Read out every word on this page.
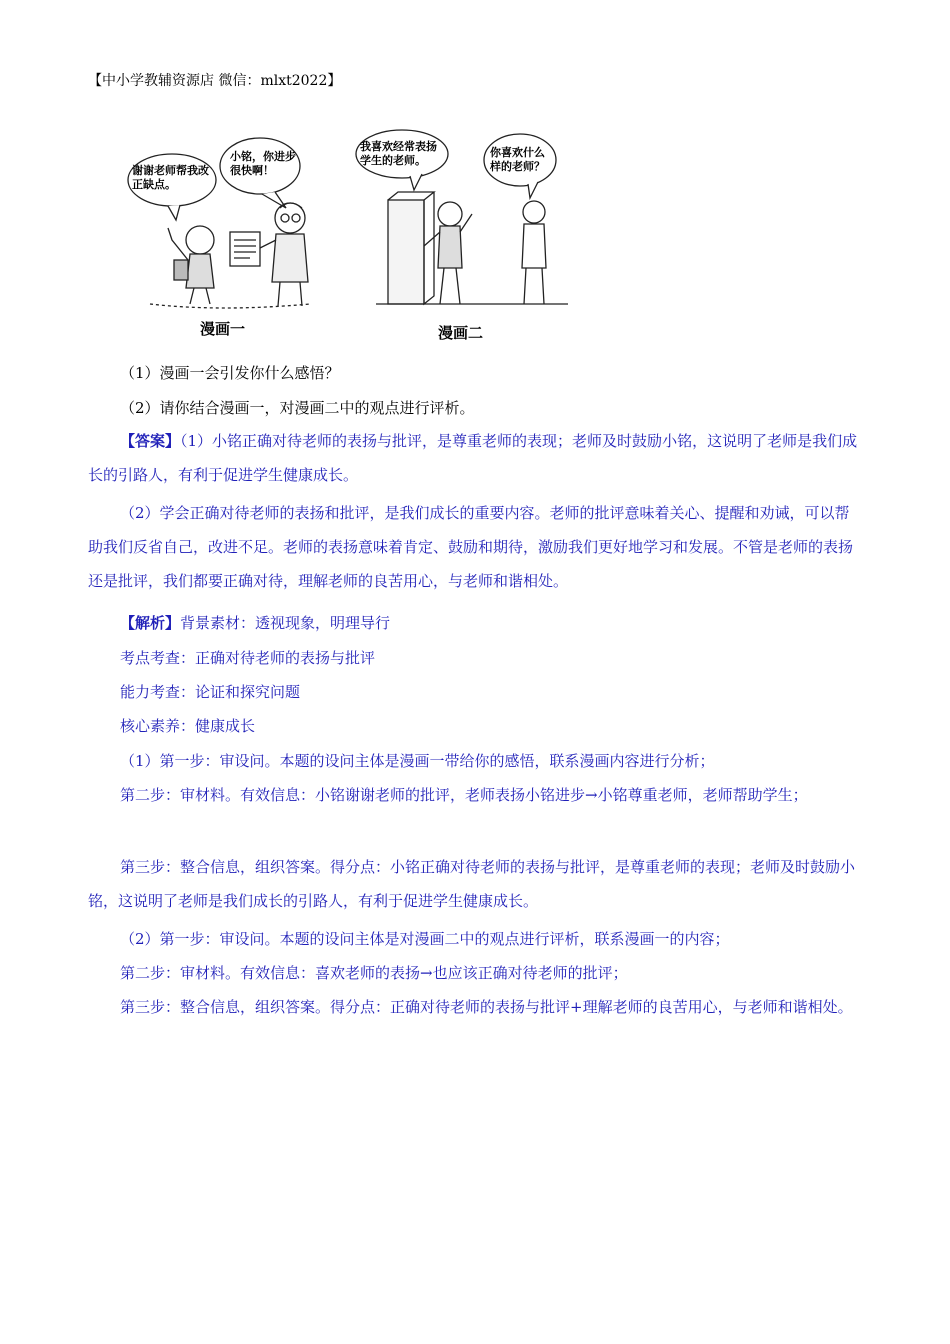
【中小学教辅资源店 微信：mlxt2022】
漫画一	漫画二
谢谢老师帮我改正缺点。
小铭，你进步很快啊！
我喜欢经常表扬学生的老师。
你喜欢什么样的老师？
（1）漫画一会引发你什么感悟？
（2）请你结合漫画一，对漫画二中的观点进行评析。
【答案】（1）小铭正确对待老师的表扬与批评，是尊重老师的表现；老师及时鼓励小铭，这说明了老师是我们成长的引路人，有利于促进学生健康成长。
（2）学会正确对待老师的表扬和批评，是我们成长的重要内容。老师的批评意味着关心、提醒和劝诫，可以帮助我们反省自己，改进不足。老师的表扬意味着肯定、鼓励和期待，激励我们更好地学习和发展。不管是老师的表扬还是批评，我们都要正确对待，理解老师的良苦用心，与老师和谐相处。
【解析】背景素材：透视现象，明理导行
考点考查：正确对待老师的表扬与批评
能力考查：论证和探究问题
核心素养：健康成长
（1）第一步：审设问。本题的设问主体是漫画一带给你的感悟，联系漫画内容进行分析；
第二步：审材料。有效信息：小铭谢谢老师的批评，老师表扬小铭进步→小铭尊重老师，老师帮助学生；
第三步：整合信息，组织答案。得分点：小铭正确对待老师的表扬与批评，是尊重老师的表现；老师及时鼓励小铭，这说明了老师是我们成长的引路人，有利于促进学生健康成长。
（2）第一步：审设问。本题的设问主体是对漫画二中的观点进行评析，联系漫画一的内容；
第二步：审材料。有效信息：喜欢老师的表扬→也应该正确对待老师的批评；
第三步：整合信息，组织答案。得分点：正确对待老师的表扬与批评+理解老师的良苦用心，与老师和谐相处。
